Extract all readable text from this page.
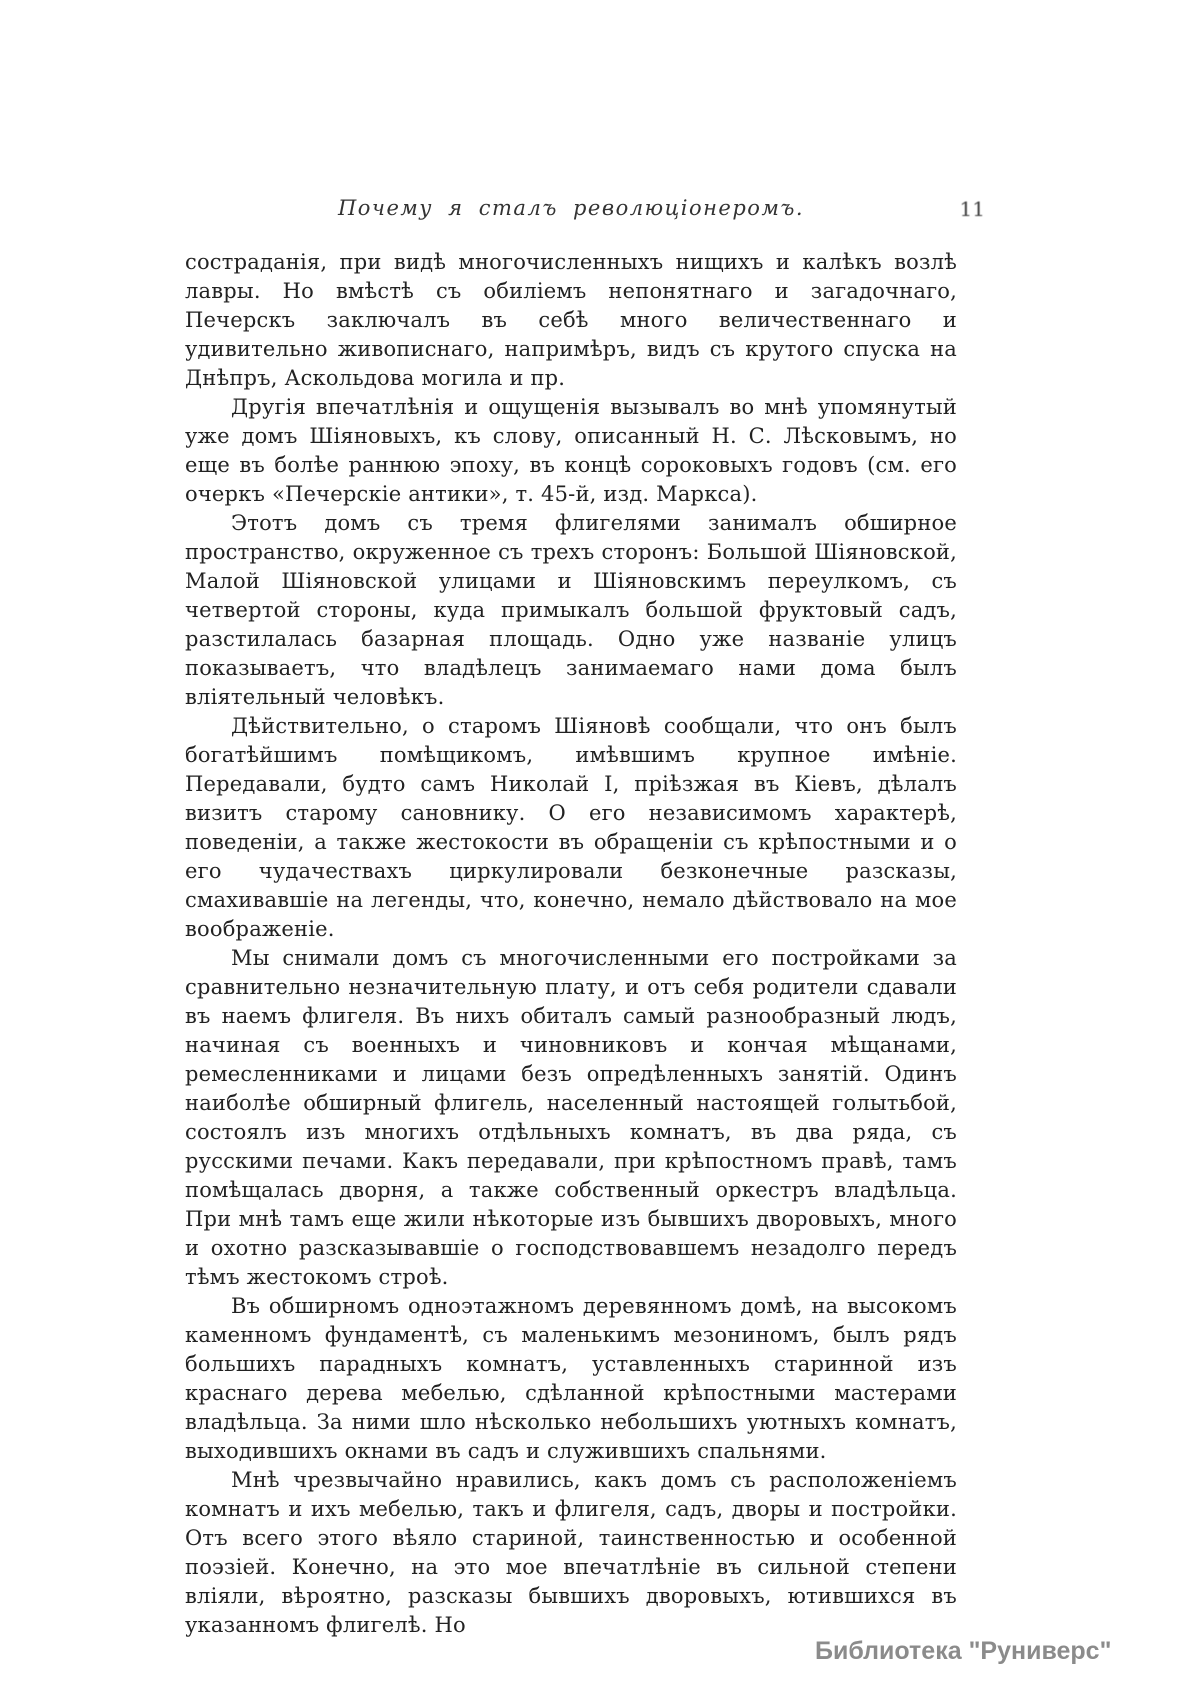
Почему я сталъ революціонеромъ.	11

состраданія, при видѣ многочисленныхъ нищихъ и калѣкъ возлѣ лавры. Но вмѣстѣ съ обиліемъ непонятнаго и загадочнаго, Печерскъ заключалъ въ себѣ много величественнаго и удивительно живописнаго, напримѣръ, видъ съ крутого спуска на Днѣпръ, Аскольдова могила и пр.

Другія впечатлѣнія и ощущенія вызывалъ во мнѣ упомянутый уже домъ Шіяновыхъ, къ слову, описанный Н. С. Лѣсковымъ, но еще въ болѣе раннюю эпоху, въ концѣ сороковыхъ годовъ (см. его очеркъ «Печерскіе антики», т. 45-й, изд. Маркса).

Этотъ домъ съ тремя флигелями занималъ обширное пространство, окруженное съ трехъ сторонъ: Большой Шіяновской, Малой Шіяновской улицами и Шіяновскимъ переулкомъ, съ четвертой стороны, куда примыкалъ большой фруктовый садъ, разстилалась базарная площадь. Одно уже названіе улицъ показываетъ, что владѣлецъ занимаемаго нами дома былъ вліятельный человѣкъ.

Дѣйствительно, о старомъ Шіяновѣ сообщали, что онъ былъ богатѣйшимъ помѣщикомъ, имѣвшимъ крупное имѣніе. Передавали, будто самъ Николай I, пріѣзжая въ Кіевъ, дѣлалъ визитъ старому сановнику. О его независимомъ характерѣ, поведеніи, а также жестокости въ обращеніи съ крѣпостными и о его чудачествахъ циркулировали безконечные разсказы, смахивавшіе на легенды, что, конечно, немало дѣйствовало на мое воображеніе.

Мы снимали домъ съ многочисленными его постройками за сравнительно незначительную плату, и отъ себя родители сдавали въ наемъ флигеля. Въ нихъ обиталъ самый разнообразный людъ, начиная съ военныхъ и чиновниковъ и кончая мѣщанами, ремесленниками и лицами безъ опредѣленныхъ занятій. Одинъ наиболѣе обширный флигель, населенный настоящей голытьбой, состоялъ изъ многихъ отдѣльныхъ комнатъ, въ два ряда, съ русскими печами. Какъ передавали, при крѣпостномъ правѣ, тамъ помѣщалась дворня, а также собственный оркестръ владѣльца. При мнѣ тамъ еще жили нѣкоторые изъ бывшихъ дворовыхъ, много и охотно разсказывавшіе о господствовавшемъ незадолго передъ тѣмъ жестокомъ строѣ.

Въ обширномъ одноэтажномъ деревянномъ домѣ, на высокомъ каменномъ фундаментѣ, съ маленькимъ мезониномъ, былъ рядъ большихъ парадныхъ комнатъ, уставленныхъ старинной изъ краснаго дерева мебелью, сдѣланной крѣпостными мастерами владѣльца. За ними шло нѣсколько небольшихъ уютныхъ комнатъ, выходившихъ окнами въ садъ и служившихъ спальнями.

Мнѣ чрезвычайно нравились, какъ домъ съ расположеніемъ комнатъ и ихъ мебелью, такъ и флигеля, садъ, дворы и постройки. Отъ всего этого вѣяло стариной, таинственностью и особенной поэзіей. Конечно, на это мое впечатлѣніе въ сильной степени вліяли, вѣроятно, разсказы бывшихъ дворовыхъ, ютившихся въ указанномъ флигелѣ. Но

Библиотека "Руниверс"
